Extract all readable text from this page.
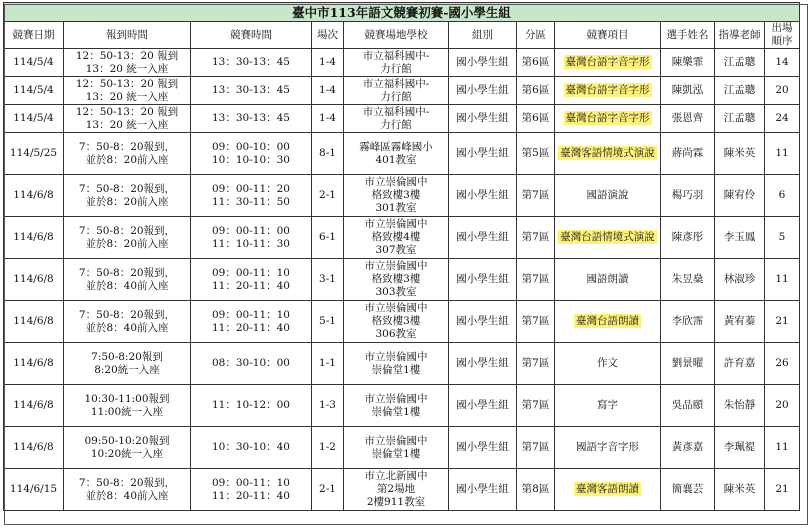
臺中市113年語文競賽初賽-國小學生組										
競賽日期	報到時間	競賽時間	場次	競賽場地學校	組別	分區	競賽項目	選手姓名	指導老師	出場順序
114/5/4	12：50-13：20 報到
13：20 統一入座	13：30-13：45	1-4	市立福科國中-
力行館	國小學生組	第6區	臺灣台語字音字形	陳樂霏	江孟聰	14
114/5/4	12：50-13：20 報到
13：20 統一入座	13：30-13：45	1-4	市立福科國中-
力行館	國小學生組	第6區	臺灣台語字音字形	陳凱泓	江孟聰	20
114/5/4	12：50-13：20 報到
13：20 統一入座	13：30-13：45	1-4	市立福科國中-
力行館	國小學生組	第6區	臺灣台語字音字形	張恩齊	江孟聰	24
114/5/25	7：50-8：20報到，
並於8：20前入座	09：00-10：00
10：10-10：30	8-1	霧峰區霧峰國小
401教室	國小學生組	第5區	臺灣客語情境式演說	蔣尚霖	陳米英	11
114/6/8	7：50-8：20報到，
並於8：20前入座	09：00-11：20
11：30-11：50	2-1	市立崇倫國中
格致樓3樓
301教室	國小學生組	第7區	國語演說	楊巧羽	陳宥伶	6
114/6/8	7：50-8：20報到，
並於8：20前入座	09：00-11：00
11：10-11：30	6-1	市立崇倫國中
格致樓4樓
307教室	國小學生組	第7區	臺灣台語情境式演說	陳彥彤	李玉鳳	5
114/6/8	7：50-8：20報到，
並於8：40前入座	09：00-11：10
11：20-11：40	3-1	市立崇倫國中
格致樓3樓
303教室	國小學生組	第7區	國語朗讀	朱昱燊	林淑珍	11
114/6/8	7：50-8：20報到，
並於8：40前入座	09：00-11：10
11：20-11：40	5-1	市立崇倫國中
格致樓3樓
306教室	國小學生組	第7區	臺灣台語朗讀	李欣霈	黃宥蓁	21
114/6/8	7:50-8:20報到
8:20統一入座	08：30-10：00	1-1	市立崇倫國中
崇倫堂1樓	國小學生組	第7區	作文	劉景曜	許育嘉	26
114/6/8	10:30-11:00報到
11:00統一入座	11：10-12：00	1-3	市立崇倫國中
崇倫堂1樓	國小學生組	第7區	寫字	吳品頤	朱怡靜	20
114/6/8	09:50-10:20報到
10:20統一入座	10：30-10：40	1-2	市立崇倫國中
崇倫堂1樓	國小學生組	第7區	國語字音字形	黃彥嘉	李珮褆	11
114/6/15	7：50-8：20報到，
並於8：40前入座	09：00-11：10
11：20-11：40	2-1	市立北新國中
第2場地
2樓911教室	國小學生組	第8區	臺灣客語朗讀	簡襄芸	陳米英	21
